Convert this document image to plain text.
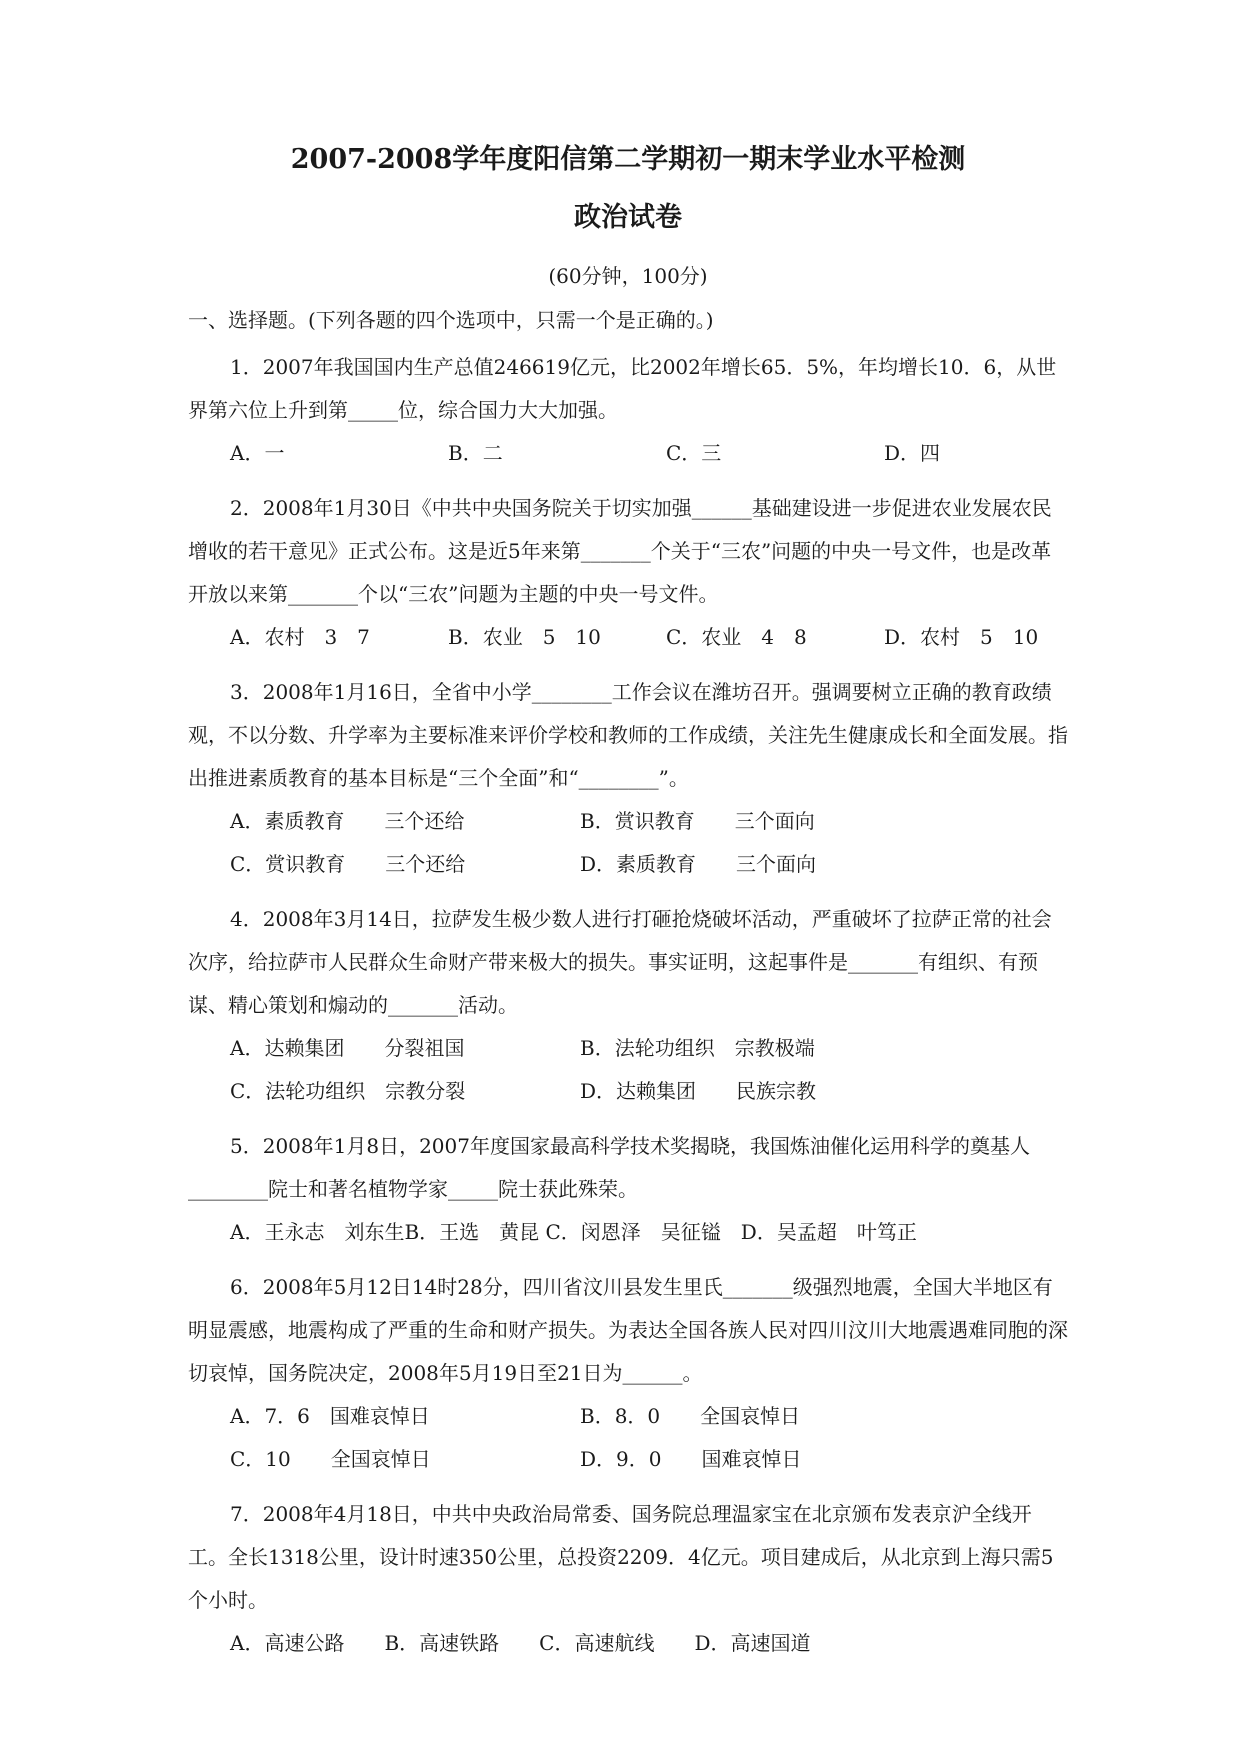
2007-2008学年度阳信第二学期初一期末学业水平检测
政治试卷
(60分钟，100分)
一、选择题。(下列各题的四个选项中，只需一个是正确的。)
1．2007年我国国内生产总值246619亿元，比2002年增长65．5%，年均增长10．6，从世界第六位上升到第_____位，综合国力大大加强。
A．一	B．二	C．三	D．四
2．2008年1月30日《中共中央国务院关于切实加强______基础建设进一步促进农业发展农民增收的若干意见》正式公布。这是近5年来第_______个关于“三农”问题的中央一号文件，也是改革开放以来第_______个以“三农”问题为主题的中央一号文件。
A．农村　3　7	B．农业　5　10	C．农业　4　8	D．农村　5　10
3．2008年1月16日，全省中小学________工作会议在潍坊召开。强调要树立正确的教育政绩观，不以分数、升学率为主要标准来评价学校和教师的工作成绩，关注先生健康成长和全面发展。指出推进素质教育的基本目标是“三个全面”和“________”。
A．素质教育　　三个还给	B．赏识教育　　三个面向
C．赏识教育　　三个还给	D．素质教育　　三个面向
4．2008年3月14日，拉萨发生极少数人进行打砸抢烧破坏活动，严重破坏了拉萨正常的社会次序，给拉萨市人民群众生命财产带来极大的损失。事实证明，这起事件是_______有组织、有预谋、精心策划和煽动的_______活动。
A．达赖集团　　分裂祖国	B．法轮功组织　宗教极端
C．法轮功组织　宗教分裂	D．达赖集团　　民族宗教
5．2008年1月8日，2007年度国家最高科学技术奖揭晓，我国炼油催化运用科学的奠基人________院士和著名植物学家_____院士获此殊荣。
A．王永志　刘东生B．王选　黄昆 C．闵恩泽　吴征镒　D．吴孟超　叶笃正
6．2008年5月12日14时28分，四川省汶川县发生里氏_______级强烈地震，全国大半地区有明显震感，地震构成了严重的生命和财产损失。为表达全国各族人民对四川汶川大地震遇难同胞的深切哀悼，国务院决定，2008年5月19日至21日为______。
A．7．6　国难哀悼日	B．8．0　　全国哀悼日
C．10　　全国哀悼日	D．9．0　　国难哀悼日
7．2008年4月18日，中共中央政治局常委、国务院总理温家宝在北京颁布发表京沪全线开工。全长1318公里，设计时速350公里，总投资2209．4亿元。项目建成后，从北京到上海只需5个小时。
A．高速公路　　B．高速铁路　　C．高速航线　　D．高速国道
